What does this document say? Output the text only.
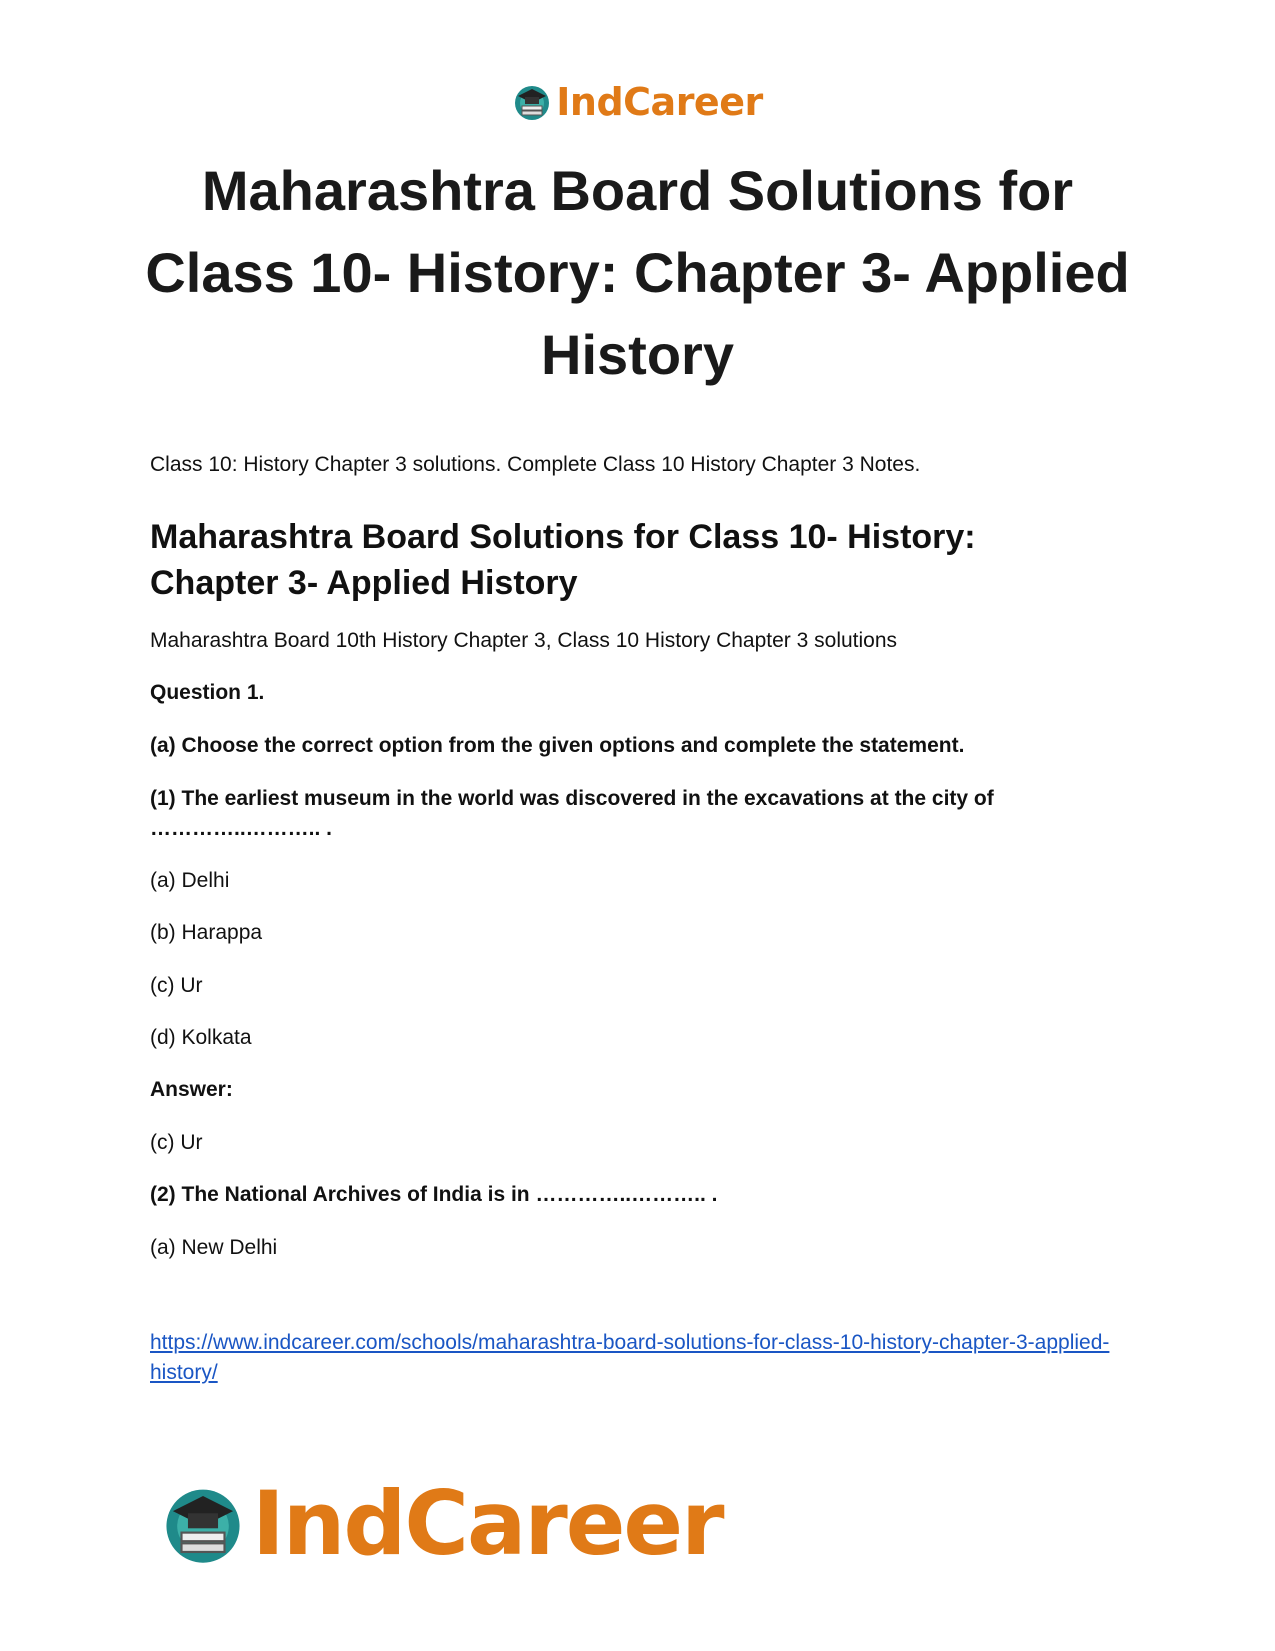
IndCareer
Maharashtra Board Solutions for Class 10- History: Chapter 3- Applied History

Class 10: History Chapter 3 solutions. Complete Class 10 History Chapter 3 Notes.

Maharashtra Board Solutions for Class 10- History: Chapter 3- Applied History

Maharashtra Board 10th History Chapter 3, Class 10 History Chapter 3 solutions

Question 1.

(a) Choose the correct option from the given options and complete the statement.

(1) The earliest museum in the world was discovered in the excavations at the city of …………..……….. .

(a) Delhi

(b) Harappa

(c) Ur

(d) Kolkata

Answer:

(c) Ur

(2) The National Archives of India is in …………..……….. .

(a) New Delhi

https://www.indcareer.com/schools/maharashtra-board-solutions-for-class-10-history-chapter-3-applied-history/
IndCareer
